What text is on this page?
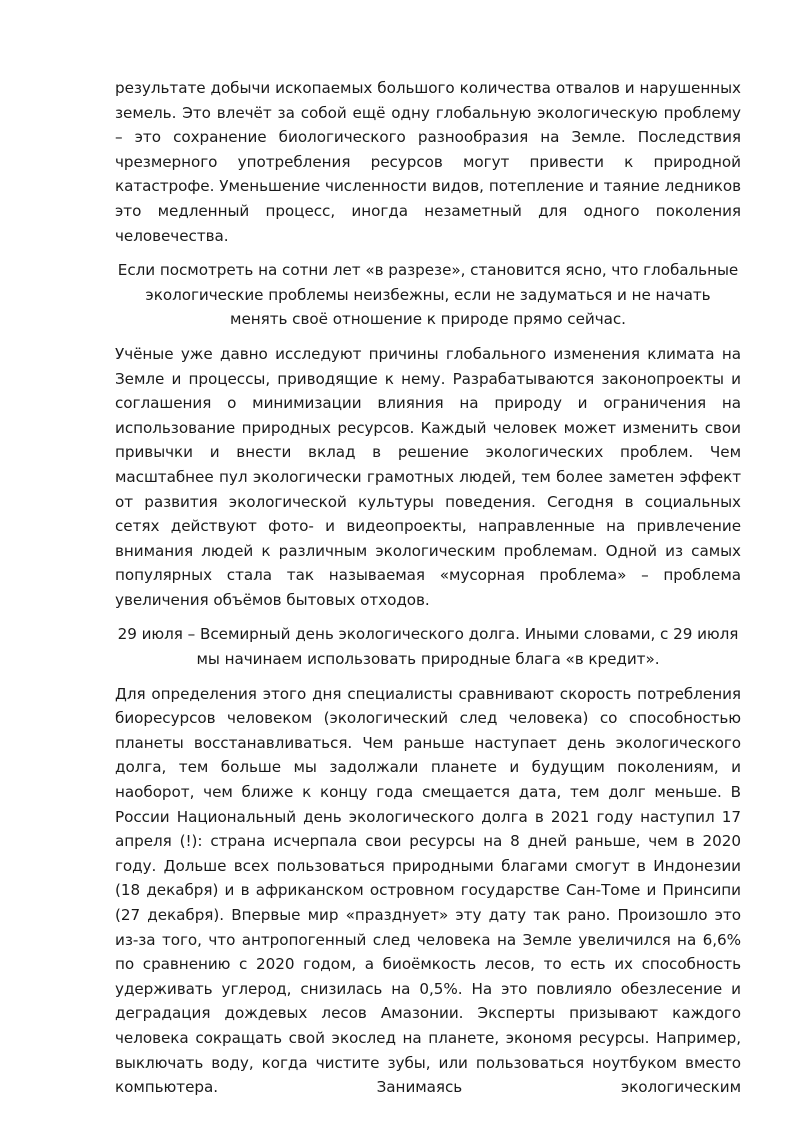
результате добычи ископаемых большого количества отвалов и нарушенных земель. Это влечёт за собой ещё одну глобальную экологическую проблему – это сохранение биологического разнообразия на Земле. Последствия чрезмерного употребления ресурсов могут привести к природной катастрофе. Уменьшение численности видов, потепление и таяние ледников это медленный процесс, иногда незаметный для одного поколения человечества.

Если посмотреть на сотни лет «в разрезе», становится ясно, что глобальные экологические проблемы неизбежны, если не задуматься и не начать менять своё отношение к природе прямо сейчас.

Учёные уже давно исследуют причины глобального изменения климата на Земле и процессы, приводящие к нему. Разрабатываются законопроекты и соглашения о минимизации влияния на природу и ограничения на использование природных ресурсов. Каждый человек может изменить свои привычки и внести вклад в решение экологических проблем. Чем масштабнее пул экологически грамотных людей, тем более заметен эффект от развития экологической культуры поведения. Сегодня в социальных сетях действуют фото- и видеопроекты, направленные на привлечение внимания людей к различным экологическим проблемам. Одной из самых популярных стала так называемая «мусорная проблема» – проблема увеличения объёмов бытовых отходов.

29 июля – Всемирный день экологического долга. Иными словами, с 29 июля мы начинаем использовать природные блага «в кредит».

Для определения этого дня специалисты сравнивают скорость потребления биоресурсов человеком (экологический след человека) со способностью планеты восстанавливаться. Чем раньше наступает день экологического долга, тем больше мы задолжали планете и будущим поколениям, и наоборот, чем ближе к концу года смещается дата, тем долг меньше. В России Национальный день экологического долга в 2021 году наступил 17 апреля (!): страна исчерпала свои ресурсы на 8 дней раньше, чем в 2020 году. Дольше всех пользоваться природными благами смогут в Индонезии (18 декабря) и в африканском островном государстве Сан-Томе и Принсипи (27 декабря). Впервые мир «празднует» эту дату так рано. Произошло это из-за того, что антропогенный след человека на Земле увеличился на 6,6% по сравнению с 2020 годом, а биоёмкость лесов, то есть их способность удерживать углерод, снизилась на 0,5%. На это повлияло обезлесение и деградация дождевых лесов Амазонии. Эксперты призывают каждого человека сокращать свой экослед на планете, экономя ресурсы. Например, выключать воду, когда чистите зубы, или пользоваться ноутбуком вместо компьютера. Занимаясь экологическим
